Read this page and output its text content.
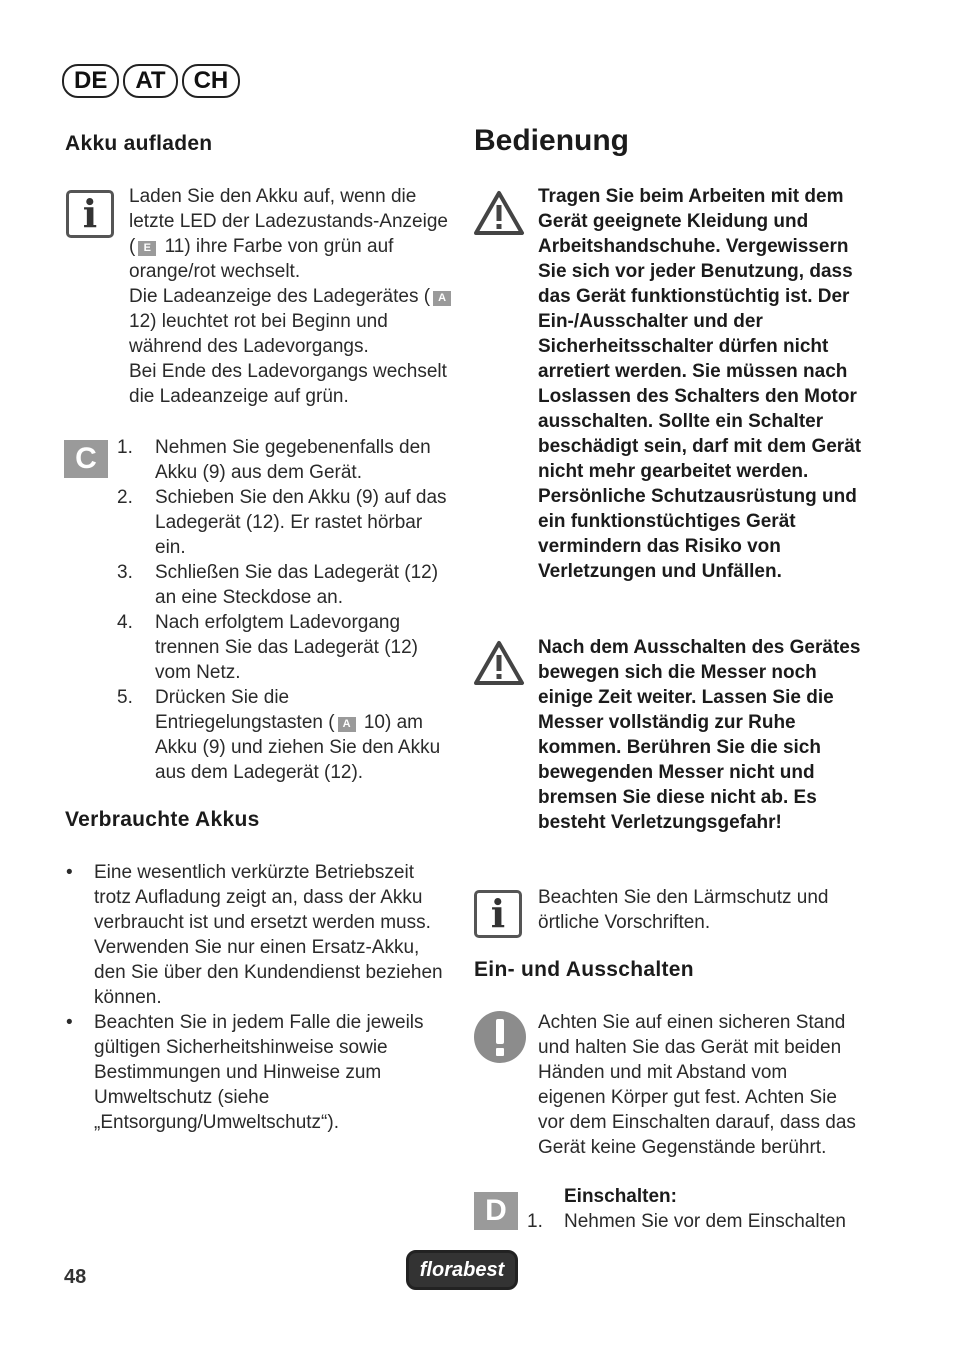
DE	AT	CH
Akku aufladen
i Laden Sie den Akku auf, wenn die letzte LED der Ladezustands-Anzeige ( E 11) ihre Farbe von grün auf orange/rot wechselt.
Die Ladeanzeige des Ladegerätes ( A 12) leuchtet rot bei Beginn und während des Ladevorgangs.
Bei Ende des Ladevorgangs wechselt die Ladeanzeige auf grün.
C	1. Nehmen Sie gegebenenfalls den Akku (9) aus dem Gerät.
2. Schieben Sie den Akku (9) auf das Ladegerät (12). Er rastet hörbar ein.
3. Schließen Sie das Ladegerät (12) an eine Steckdose an.
4. Nach erfolgtem Ladevorgang trennen Sie das Ladegerät (12) vom Netz.
5. Drücken Sie die Entriegelungstasten ( A 10) am Akku (9) und ziehen Sie den Akku aus dem Ladegerät (12).
Verbrauchte Akkus
• Eine wesentlich verkürzte Betriebszeit trotz Aufladung zeigt an, dass der Akku verbraucht ist und ersetzt werden muss. Verwenden Sie nur einen Ersatz-Akku, den Sie über den Kundendienst beziehen können.
• Beachten Sie in jedem Falle die jeweils gültigen Sicherheitshinweise sowie Bestimmungen und Hinweise zum Umweltschutz (siehe „Entsorgung/Umweltschutz“).
Bedienung
Tragen Sie beim Arbeiten mit dem Gerät geeignete Kleidung und Arbeitshandschuhe. Vergewissern Sie sich vor jeder Benutzung, dass das Gerät funktionstüchtig ist. Der Ein-/Ausschalter und der Sicherheitsschalter dürfen nicht arretiert werden. Sie müssen nach Loslassen des Schalters den Motor ausschalten. Sollte ein Schalter beschädigt sein, darf mit dem Gerät nicht mehr gearbeitet werden. Persönliche Schutzausrüstung und ein funktionstüchtiges Gerät vermindern das Risiko von Verletzungen und Unfällen.
Nach dem Ausschalten des Gerätes bewegen sich die Messer noch einige Zeit weiter. Lassen Sie die Messer vollständig zur Ruhe kommen. Berühren Sie die sich bewegenden Messer nicht und bremsen Sie diese nicht ab. Es besteht Verletzungsgefahr!
i Beachten Sie den Lärmschutz und örtliche Vorschriften.
Ein- und Ausschalten
Achten Sie auf einen sicheren Stand und halten Sie das Gerät mit beiden Händen und mit Abstand vom eigenen Körper gut fest. Achten Sie vor dem Einschalten darauf, dass das Gerät keine Gegenstände berührt.
D	Einschalten:
1. Nehmen Sie vor dem Einschalten
48	florabest
